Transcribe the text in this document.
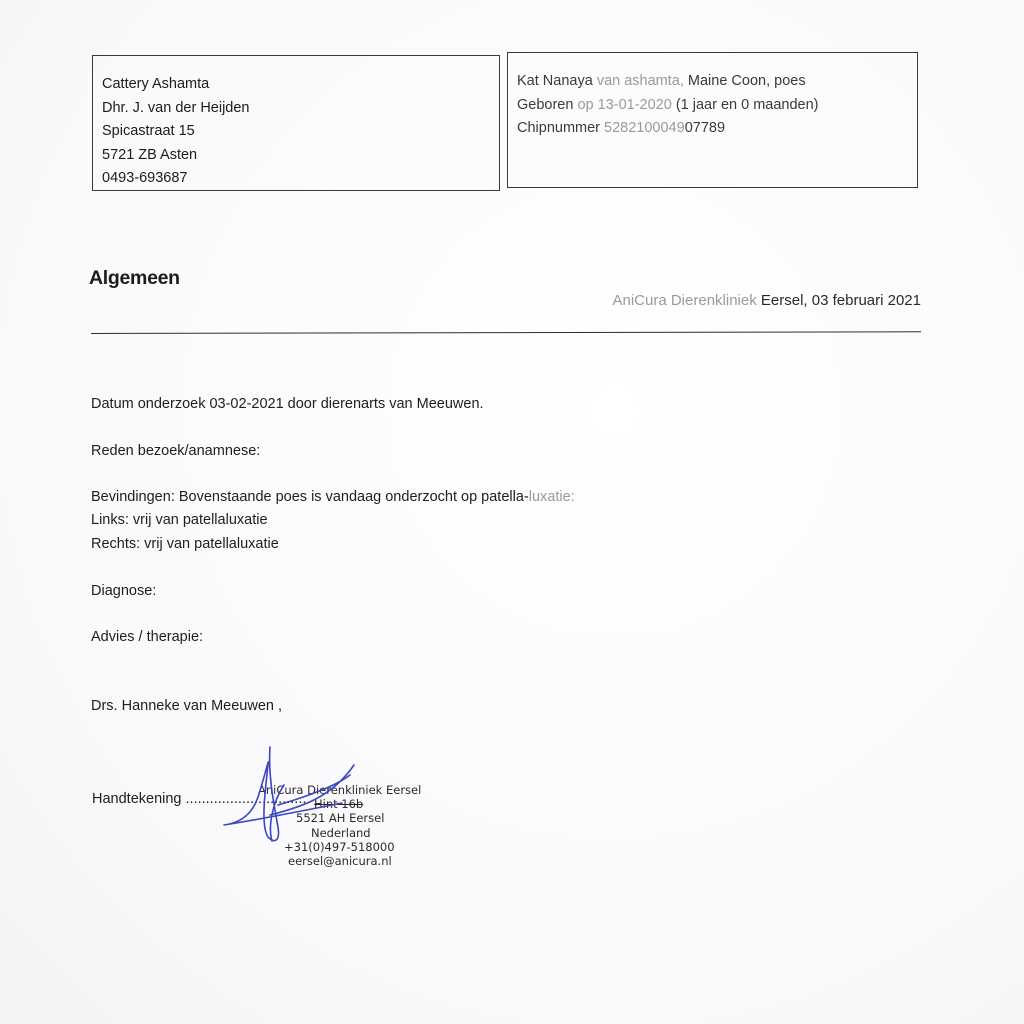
Cattery Ashamta
Dhr. J. van der Heijden
Spicastraat 15
5721 ZB Asten
0493-693687
Kat Nanaya van ashamta, Maine Coon, poes
Geboren op 13-01-2020 (1 jaar en 0 maanden)
Chipnummer 528210004907789
Algemeen
AniCura Dierenkliniek Eersel, 03 februari 2021
Datum onderzoek 03-02-2021 door dierenarts van Meeuwen.
Reden bezoek/anamnese:
Bevindingen: Bovenstaande poes is vandaag onderzocht op patella-luxatie:
Links: vrij van patellaluxatie
Rechts: vrij van patellaluxatie
Diagnose:
Advies / therapie:
Drs. Hanneke van Meeuwen ,
Handtekening ..............................
AniCura Dierenkliniek Eersel
Hint 16b
5521 AH Eersel
Nederland
+31(0)497-518000
eersel@anicura.nl
